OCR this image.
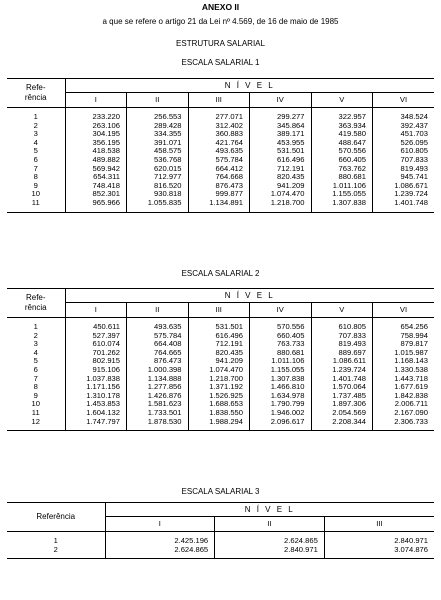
ANEXO II
a que se refere o artigo 21 da Lei nº 4.569, de 16 de maio de 1985
ESTRUTURA SALARIAL
ESCALA SALARIAL 1
Refe-
rência	N Í V E L					
	I	II	III	IV	V	VI
1	233.220	256.553	277.071	299.277	322.957	348.524
2	263.106	289.428	312.402	345.864	363.934	392.437
3	304.195	334.355	360.883	389.171	419.580	451.703
4	356.195	391.071	421.764	453.955	488.647	526.095
5	418.538	458.575	493.635	531.501	570.556	610.805
6	489.882	536.768	575.784	616.496	660.405	707.833
7	569.942	620.015	664.412	712.191	763.762	819.493
8	654.311	712.977	764.668	820.435	880.681	945.741
9	748.418	816.520	876.473	941.209	1.011.106	1.086.671
10	852.301	930.818	999.877	1.074.470	1.155.055	1.239.724
11	965.966	1.055.835	1.134.891	1.218.700	1.307.838	1.401.748
ESCALA SALARIAL 2
Refe-
rência	N Í V E L					
	I	II	III	IV	V	VI
1	450.611	493.635	531.501	570.556	610.805	654.256
2	527.397	575.784	616.496	660.405	707.833	758.994
3	610.074	664.408	712.191	763.733	819.493	879.817
4	701.262	764.665	820.435	880.681	889.697	1.015.987
5	802.915	876.473	941.209	1.011.106	1.086.611	1.168.143
6	915.106	1.000.398	1.074.470	1.155.055	1.239.724	1.330.538
7	1.037.838	1.134.888	1.218.700	1.307.838	1.401.748	1.443.718
8	1.171.156	1.277.856	1.371.192	1.466.810	1.570.064	1.677.619
9	1.310.178	1.426.876	1.526.925	1.634.978	1.737.485	1.842.838
10	1.453.853	1.581.623	1.688.653	1.790.799	1.897.306	2.006.711
11	1.604.132	1.733.501	1.838.550	1.946.002	2.054.569	2.167.090
12	1.747.797	1.878.530	1.988.294	2.096.617	2.208.344	2.306.733
ESCALA SALARIAL 3
Referência	N Í V E L		
	I	II	III
1	2.425.196	2.624.865	2.840.971
2	2.624.865	2.840.971	3.074.876
